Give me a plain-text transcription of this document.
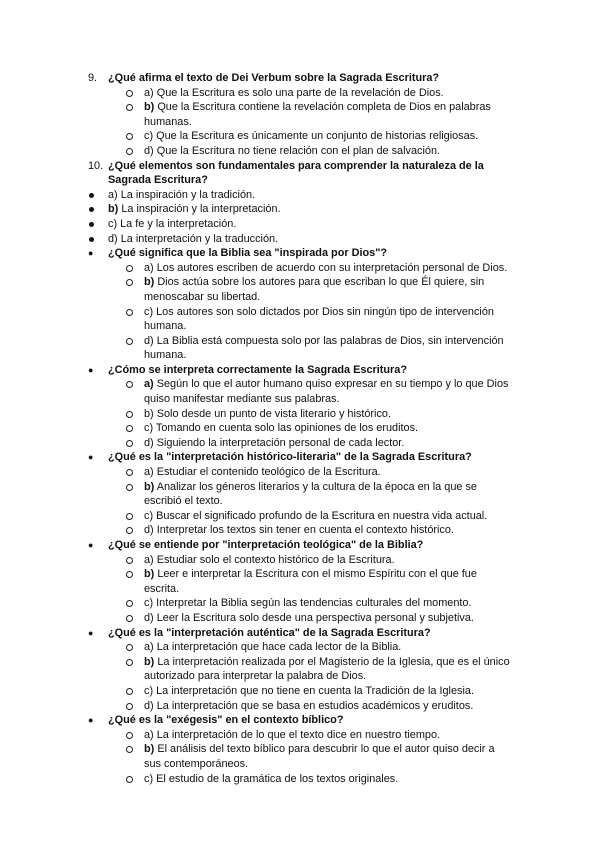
9. ¿Qué afirma el texto de Dei Verbum sobre la Sagrada Escritura?
a) Que la Escritura es solo una parte de la revelación de Dios.
b) Que la Escritura contiene la revelación completa de Dios en palabras humanas.
c) Que la Escritura es únicamente un conjunto de historias religiosas.
d) Que la Escritura no tiene relación con el plan de salvación.
10. ¿Qué elementos son fundamentales para comprender la naturaleza de la Sagrada Escritura?
a) La inspiración y la tradición.
b) La inspiración y la interpretación.
c) La fe y la interpretación.
d) La interpretación y la traducción.
● ¿Qué significa que la Biblia sea "inspirada por Dios"?
a) Los autores escriben de acuerdo con su interpretación personal de Dios.
b) Dios actúa sobre los autores para que escriban lo que Él quiere, sin menoscabar su libertad.
c) Los autores son solo dictados por Dios sin ningún tipo de intervención humana.
d) La Biblia está compuesta solo por las palabras de Dios, sin intervención humana.
● ¿Cómo se interpreta correctamente la Sagrada Escritura?
a) Según lo que el autor humano quiso expresar en su tiempo y lo que Dios quiso manifestar mediante sus palabras.
b) Solo desde un punto de vista literario y histórico.
c) Tomando en cuenta solo las opiniones de los eruditos.
d) Siguiendo la interpretación personal de cada lector.
● ¿Qué es la "interpretación histórico-literaria" de la Sagrada Escritura?
a) Estudiar el contenido teológico de la Escritura.
b) Analizar los géneros literarios y la cultura de la época en la que se escribió el texto.
c) Buscar el significado profundo de la Escritura en nuestra vida actual.
d) Interpretar los textos sin tener en cuenta el contexto histórico.
● ¿Qué se entiende por "interpretación teológica" de la Biblia?
a) Estudiar solo el contexto histórico de la Escritura.
b) Leer e interpretar la Escritura con el mismo Espíritu con el que fue escrita.
c) Interpretar la Biblia según las tendencias culturales del momento.
d) Leer la Escritura solo desde una perspectiva personal y subjetiva.
● ¿Qué es la "interpretación auténtica" de la Sagrada Escritura?
a) La interpretación que hace cada lector de la Biblia.
b) La interpretación realizada por el Magisterio de la Iglesia, que es el único autorizado para interpretar la palabra de Dios.
c) La interpretación que no tiene en cuenta la Tradición de la Iglesia.
d) La interpretación que se basa en estudios académicos y eruditos.
● ¿Qué es la "exégesis" en el contexto bíblico?
a) La interpretación de lo que el texto dice en nuestro tiempo.
b) El análisis del texto bíblico para descubrir lo que el autor quiso decir a sus contemporáneos.
c) El estudio de la gramática de los textos originales.
